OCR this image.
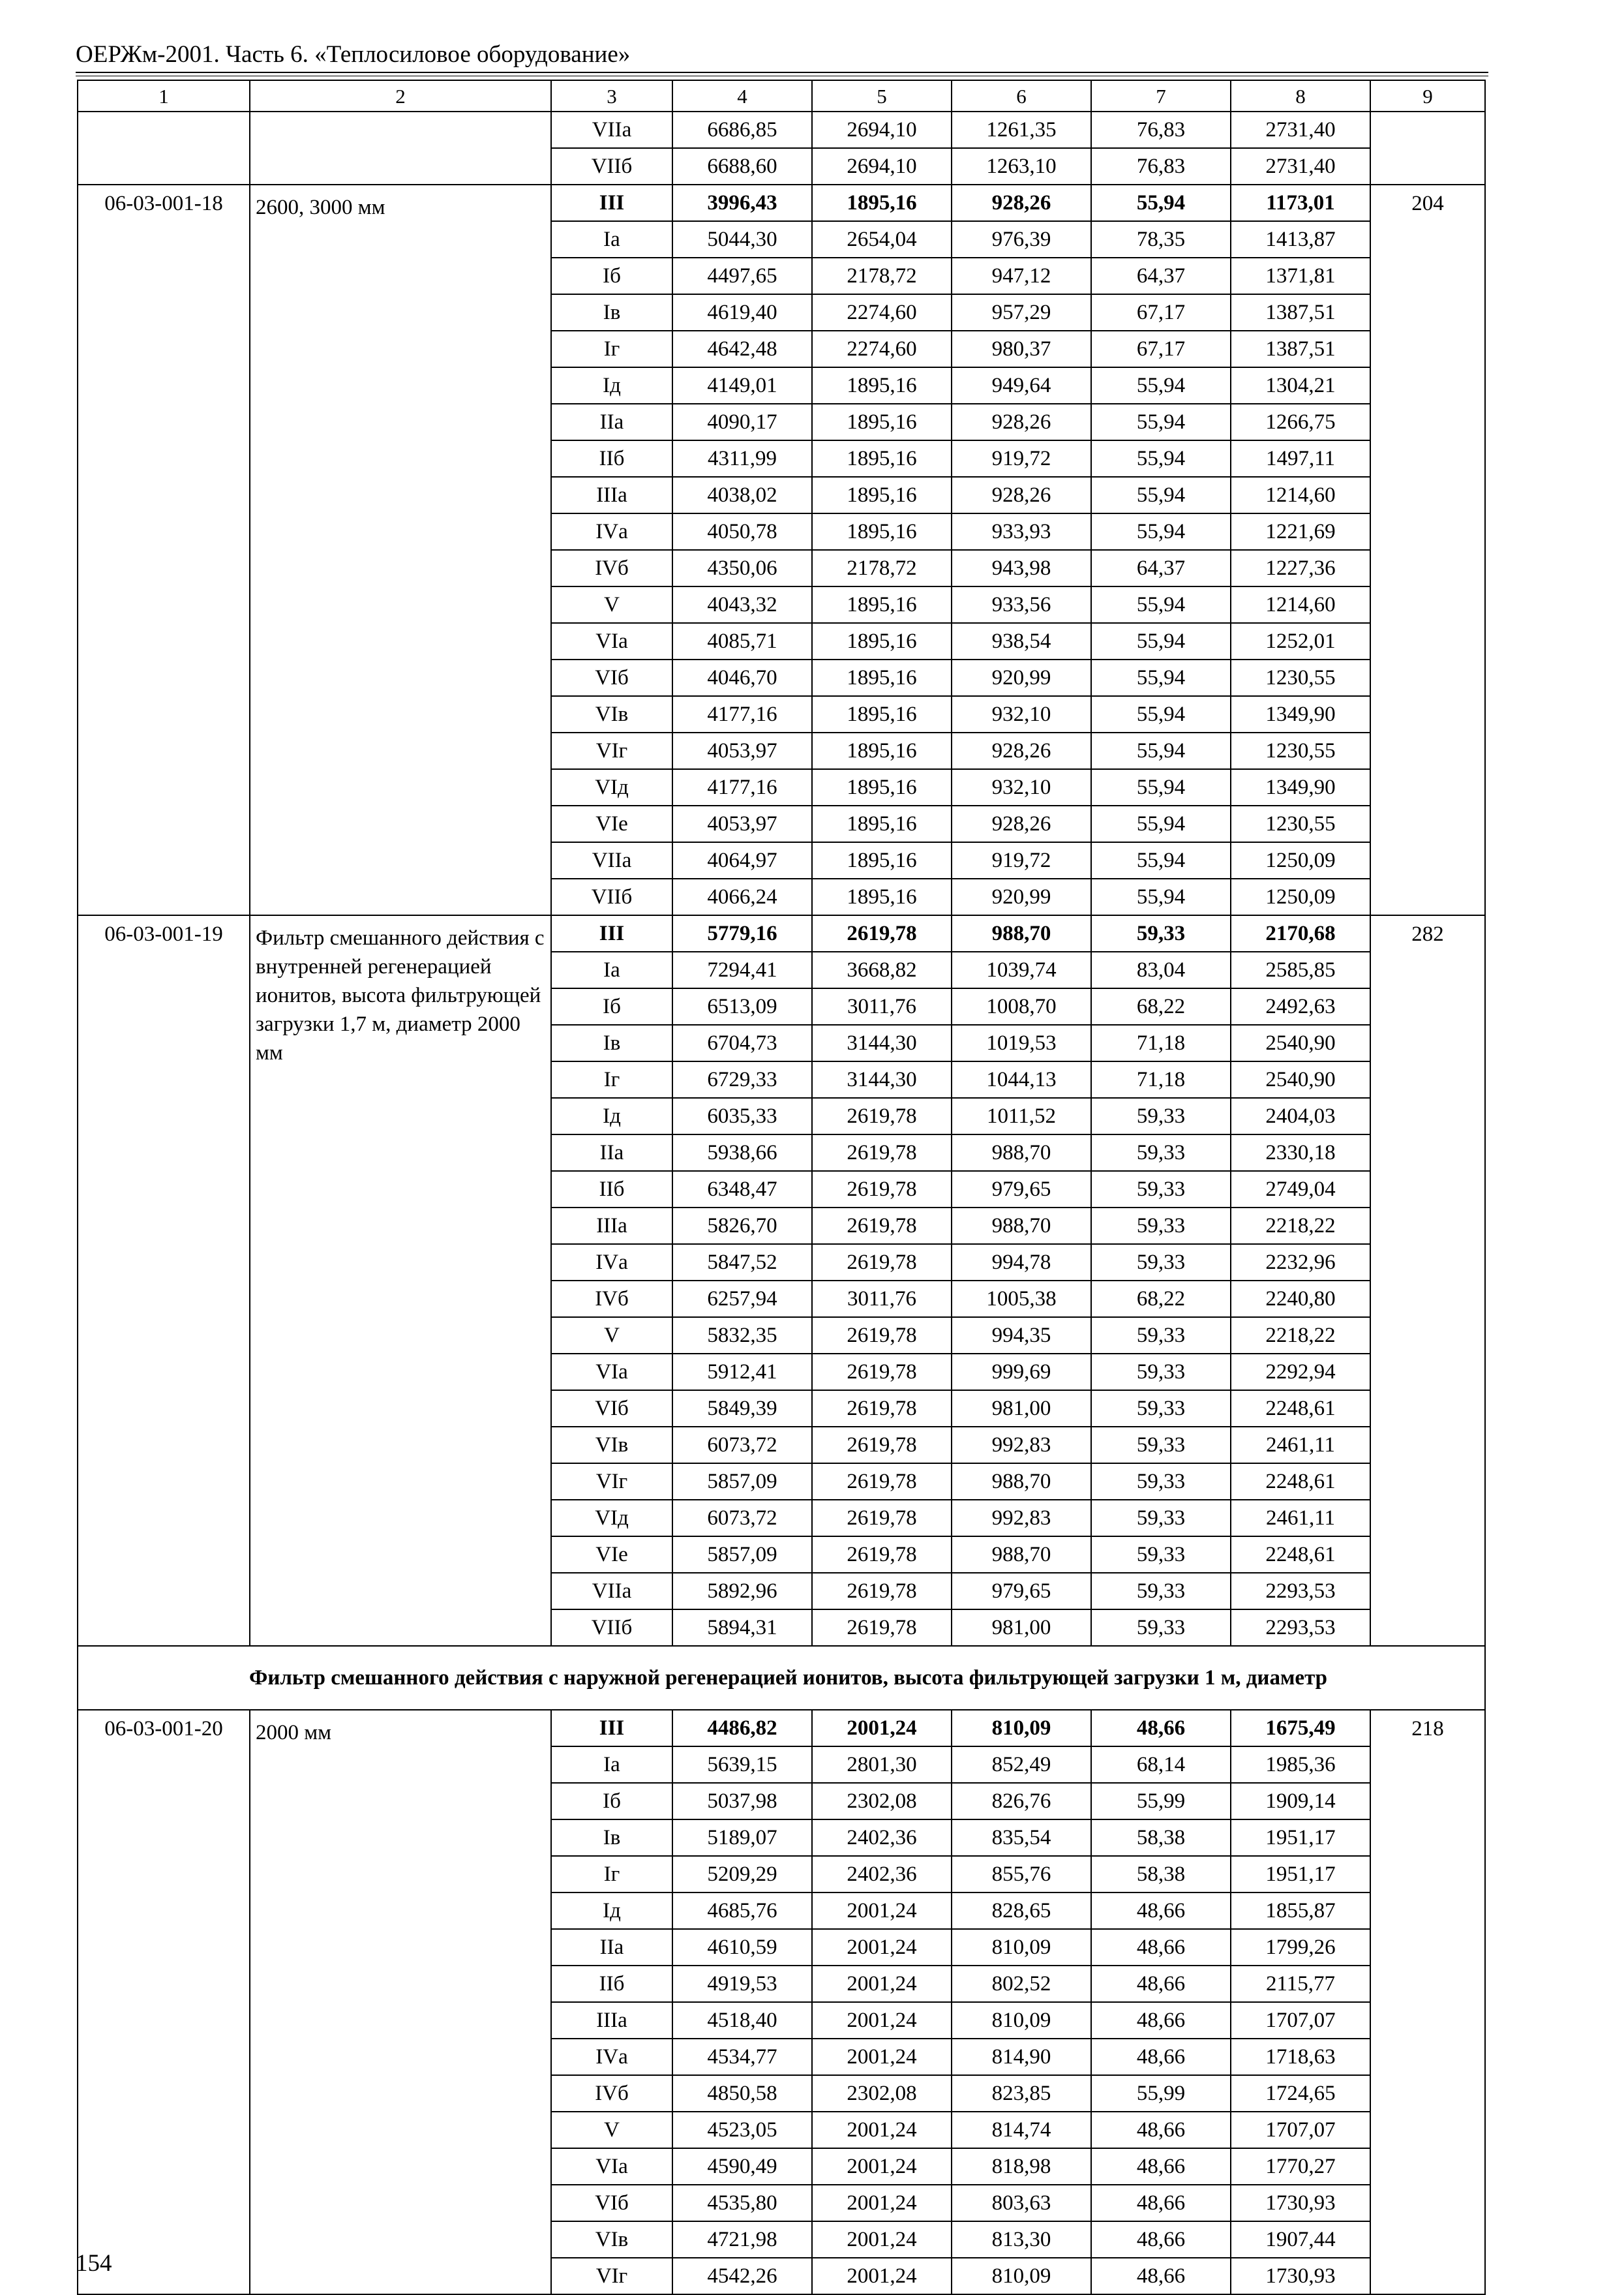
ОЕРЖм-2001. Часть 6. «Теплосиловое оборудование»
1	2	3	4	5	6	7	8	9
		VIIa	6686,85	2694,10	1261,35	76,83	2731,40	
		VIIб	6688,60	2694,10	1263,10	76,83	2731,40	
06-03-001-18	2600, 3000 мм	III	3996,43	1895,16	928,26	55,94	1173,01	204
		Iа	5044,30	2654,04	976,39	78,35	1413,87	
		Iб	4497,65	2178,72	947,12	64,37	1371,81	
		Iв	4619,40	2274,60	957,29	67,17	1387,51	
		Iг	4642,48	2274,60	980,37	67,17	1387,51	
		Iд	4149,01	1895,16	949,64	55,94	1304,21	
		IIа	4090,17	1895,16	928,26	55,94	1266,75	
		IIб	4311,99	1895,16	919,72	55,94	1497,11	
		IIIа	4038,02	1895,16	928,26	55,94	1214,60	
		IVа	4050,78	1895,16	933,93	55,94	1221,69	
		IVб	4350,06	2178,72	943,98	64,37	1227,36	
		V	4043,32	1895,16	933,56	55,94	1214,60	
		VIа	4085,71	1895,16	938,54	55,94	1252,01	
		VIб	4046,70	1895,16	920,99	55,94	1230,55	
		VIв	4177,16	1895,16	932,10	55,94	1349,90	
		VIг	4053,97	1895,16	928,26	55,94	1230,55	
		VIд	4177,16	1895,16	932,10	55,94	1349,90	
		VIе	4053,97	1895,16	928,26	55,94	1230,55	
		VIIа	4064,97	1895,16	919,72	55,94	1250,09	
		VIIб	4066,24	1895,16	920,99	55,94	1250,09	
06-03-001-19	Фильтр смешанного действия с внутренней регенерацией ионитов, высота фильтрующей загрузки 1,7 м, диаметр 2000 мм	III	5779,16	2619,78	988,70	59,33	2170,68	282
		Iа	7294,41	3668,82	1039,74	83,04	2585,85	
		Iб	6513,09	3011,76	1008,70	68,22	2492,63	
		Iв	6704,73	3144,30	1019,53	71,18	2540,90	
		Iг	6729,33	3144,30	1044,13	71,18	2540,90	
		Iд	6035,33	2619,78	1011,52	59,33	2404,03	
		IIа	5938,66	2619,78	988,70	59,33	2330,18	
		IIб	6348,47	2619,78	979,65	59,33	2749,04	
		IIIа	5826,70	2619,78	988,70	59,33	2218,22	
		IVа	5847,52	2619,78	994,78	59,33	2232,96	
		IVб	6257,94	3011,76	1005,38	68,22	2240,80	
		V	5832,35	2619,78	994,35	59,33	2218,22	
		VIа	5912,41	2619,78	999,69	59,33	2292,94	
		VIб	5849,39	2619,78	981,00	59,33	2248,61	
		VIв	6073,72	2619,78	992,83	59,33	2461,11	
		VIг	5857,09	2619,78	988,70	59,33	2248,61	
		VIд	6073,72	2619,78	992,83	59,33	2461,11	
		VIе	5857,09	2619,78	988,70	59,33	2248,61	
		VIIа	5892,96	2619,78	979,65	59,33	2293,53	
		VIIб	5894,31	2619,78	981,00	59,33	2293,53	
Фильтр смешанного действия с наружной регенерацией ионитов, высота фильтрующей загрузки 1 м, диаметр								
06-03-001-20	2000 мм	III	4486,82	2001,24	810,09	48,66	1675,49	218
		Iа	5639,15	2801,30	852,49	68,14	1985,36	
		Iб	5037,98	2302,08	826,76	55,99	1909,14	
		Iв	5189,07	2402,36	835,54	58,38	1951,17	
		Iг	5209,29	2402,36	855,76	58,38	1951,17	
		Iд	4685,76	2001,24	828,65	48,66	1855,87	
		IIа	4610,59	2001,24	810,09	48,66	1799,26	
		IIб	4919,53	2001,24	802,52	48,66	2115,77	
		IIIа	4518,40	2001,24	810,09	48,66	1707,07	
		IVа	4534,77	2001,24	814,90	48,66	1718,63	
		IVб	4850,58	2302,08	823,85	55,99	1724,65	
		V	4523,05	2001,24	814,74	48,66	1707,07	
		VIа	4590,49	2001,24	818,98	48,66	1770,27	
		VIб	4535,80	2001,24	803,63	48,66	1730,93	
		VIв	4721,98	2001,24	813,30	48,66	1907,44	
		VIг	4542,26	2001,24	810,09	48,66	1730,93	
154
